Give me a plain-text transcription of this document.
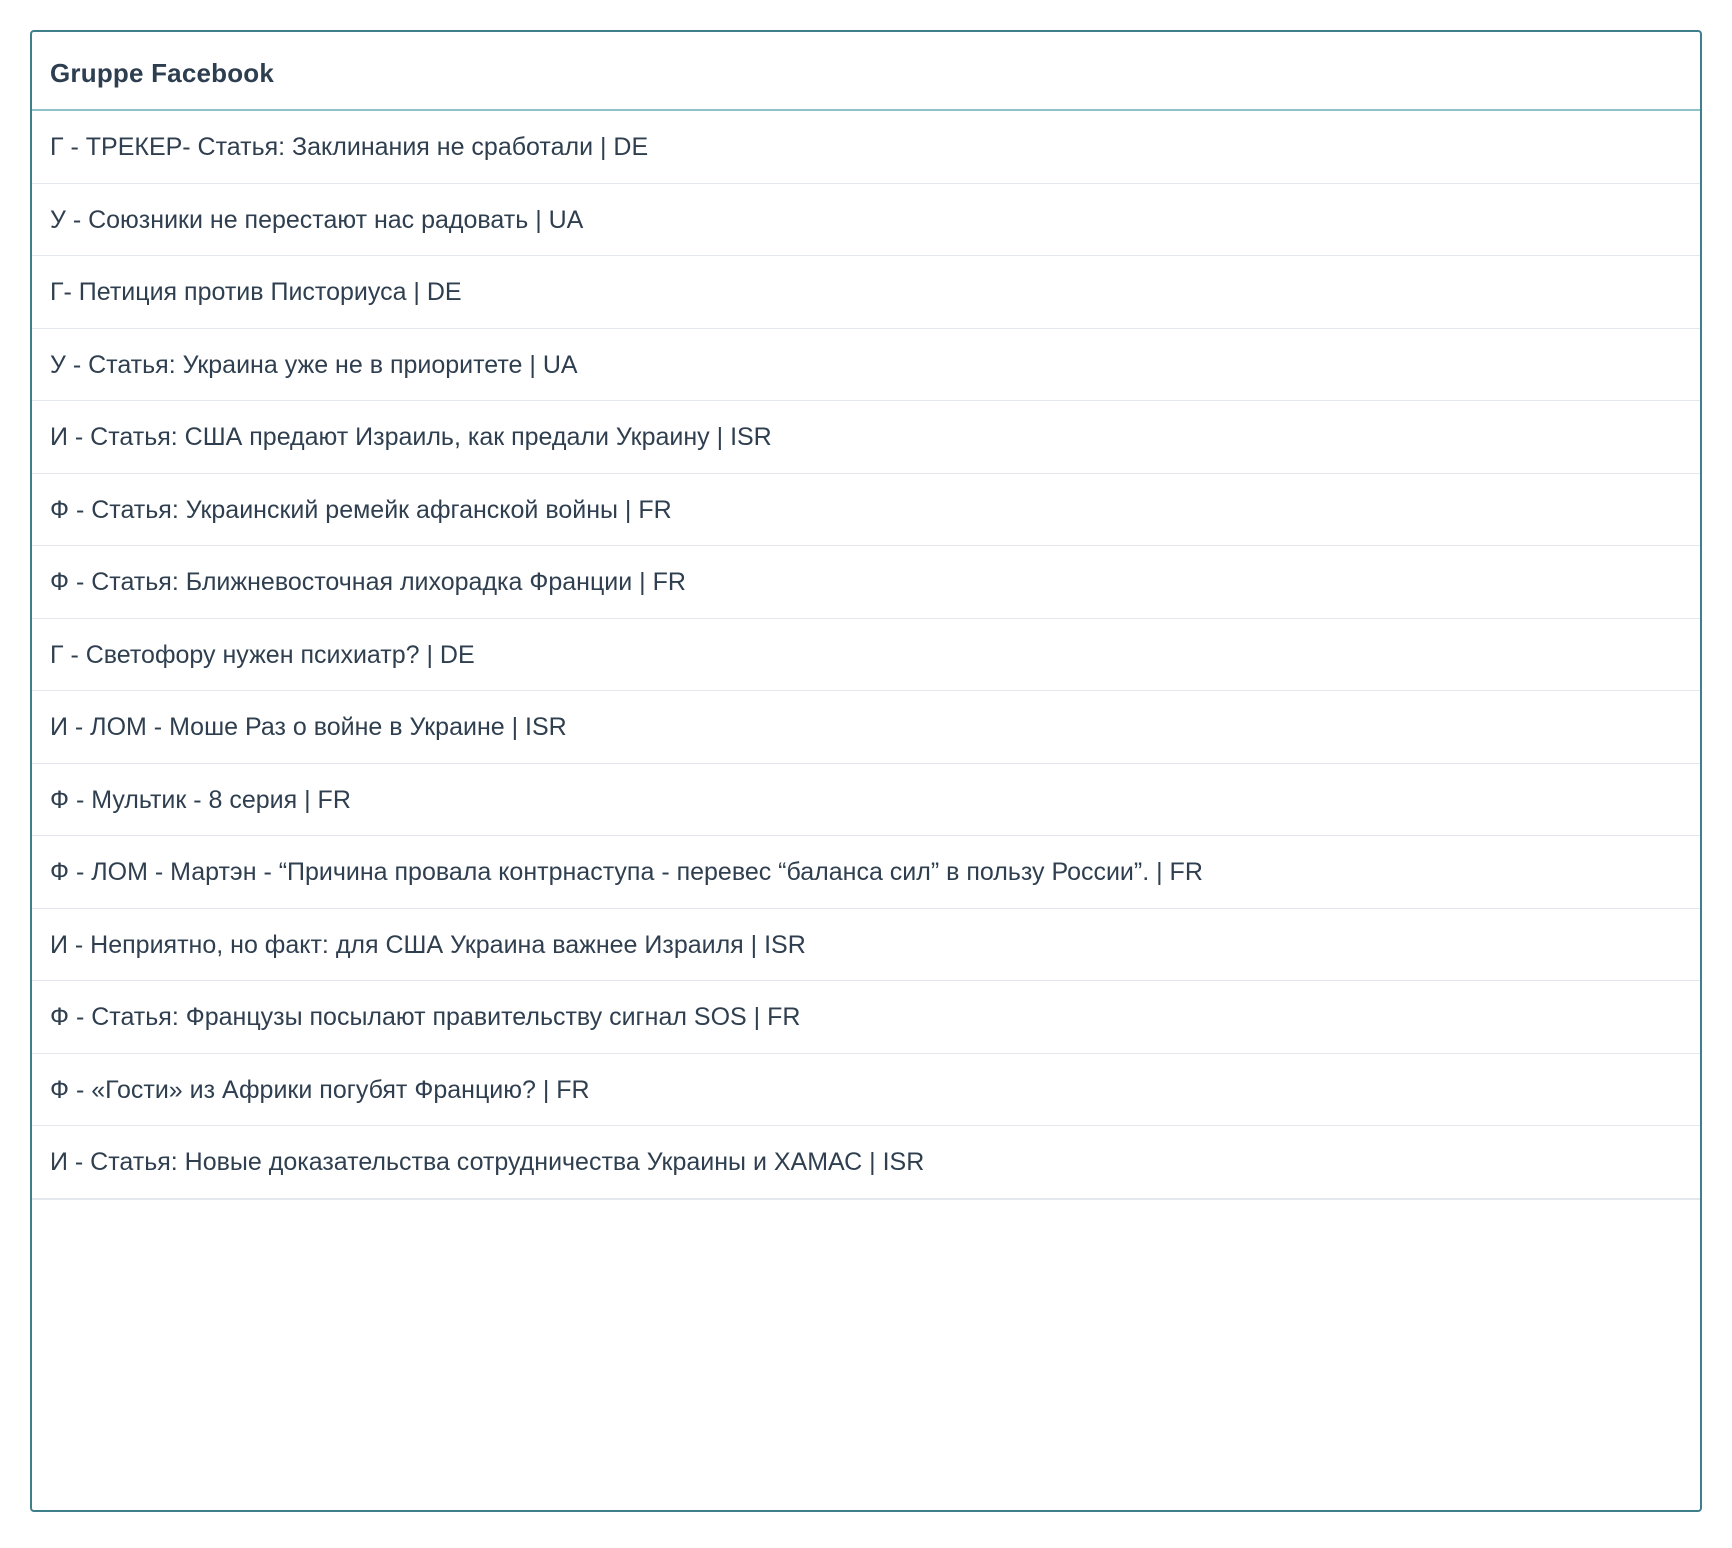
Gruppe Facebook
Г - ТРЕКЕР- Статья: Заклинания не сработали | DE
У - Союзники не перестают нас радовать | UA
Г- Петиция против Писториуса | DE
У - Статья: Украина уже не в приоритете | UA
И - Статья: США предают Израиль, как предали Украину | ISR
Ф - Статья: Украинский ремейк афганской войны | FR
Ф - Статья: Ближневосточная лихорадка Франции | FR
Г - Светофору нужен психиатр? | DE
И - ЛОМ - Моше Раз о войне в Украине | ISR
Ф - Мультик - 8 серия | FR
Ф - ЛОМ - Мартэн - “Причина провала контрнаступа - перевес “баланса сил” в пользу России”. | FR
И - Неприятно, но факт: для США Украина важнее Израиля | ISR
Ф - Статья: Французы посылают правительству сигнал SOS | FR
Ф - «Гости» из Африки погубят Францию? | FR
И - Статья: Новые доказательства сотрудничества Украины и ХАМАС | ISR
